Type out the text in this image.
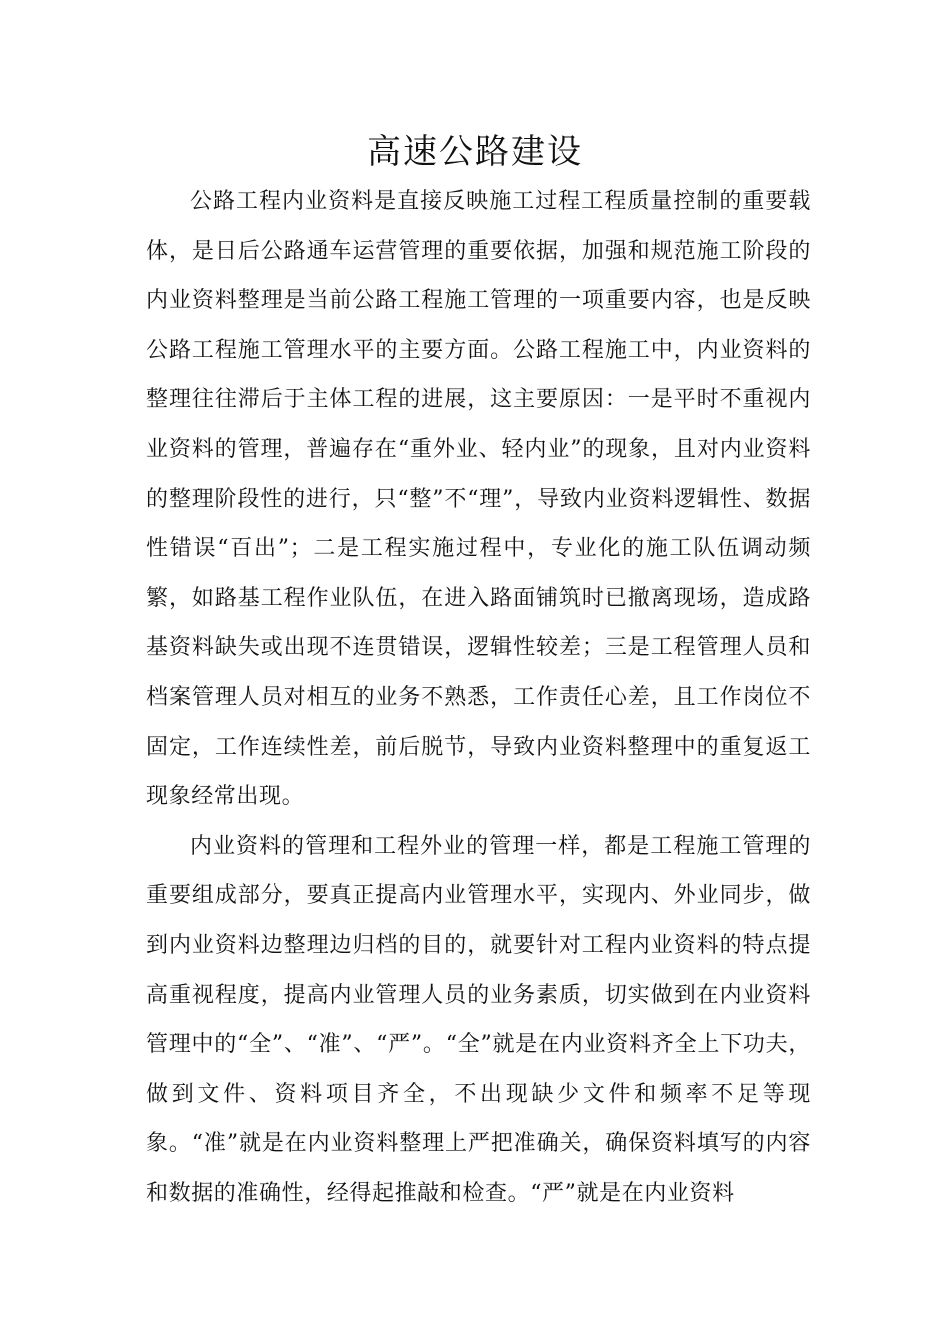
高速公路建设

公路工程内业资料是直接反映施工过程工程质量控制的重要载体，是日后公路通车运营管理的重要依据，加强和规范施工阶段的内业资料整理是当前公路工程施工管理的一项重要内容，也是反映公路工程施工管理水平的主要方面。公路工程施工中，内业资料的整理往往滞后于主体工程的进展，这主要原因：一是平时不重视内业资料的管理，普遍存在“重外业、轻内业”的现象，且对内业资料的整理阶段性的进行，只“整”不“理”，导致内业资料逻辑性、数据性错误“百出”；二是工程实施过程中，专业化的施工队伍调动频繁，如路基工程作业队伍，在进入路面铺筑时已撤离现场，造成路基资料缺失或出现不连贯错误，逻辑性较差；三是工程管理人员和档案管理人员对相互的业务不熟悉，工作责任心差，且工作岗位不固定，工作连续性差，前后脱节，导致内业资料整理中的重复返工现象经常出现。

内业资料的管理和工程外业的管理一样，都是工程施工管理的重要组成部分，要真正提高内业管理水平，实现内、外业同步，做到内业资料边整理边归档的目的，就要针对工程内业资料的特点提高重视程度，提高内业管理人员的业务素质，切实做到在内业资料管理中的“全”、“准”、“严”。“全”就是在内业资料齐全上下功夫，做到文件、资料项目齐全，不出现缺少文件和频率不足等现象。“准”就是在内业资料整理上严把准确关，确保资料填写的内容和数据的准确性，经得起推敲和检查。“严”就是在内业资料
